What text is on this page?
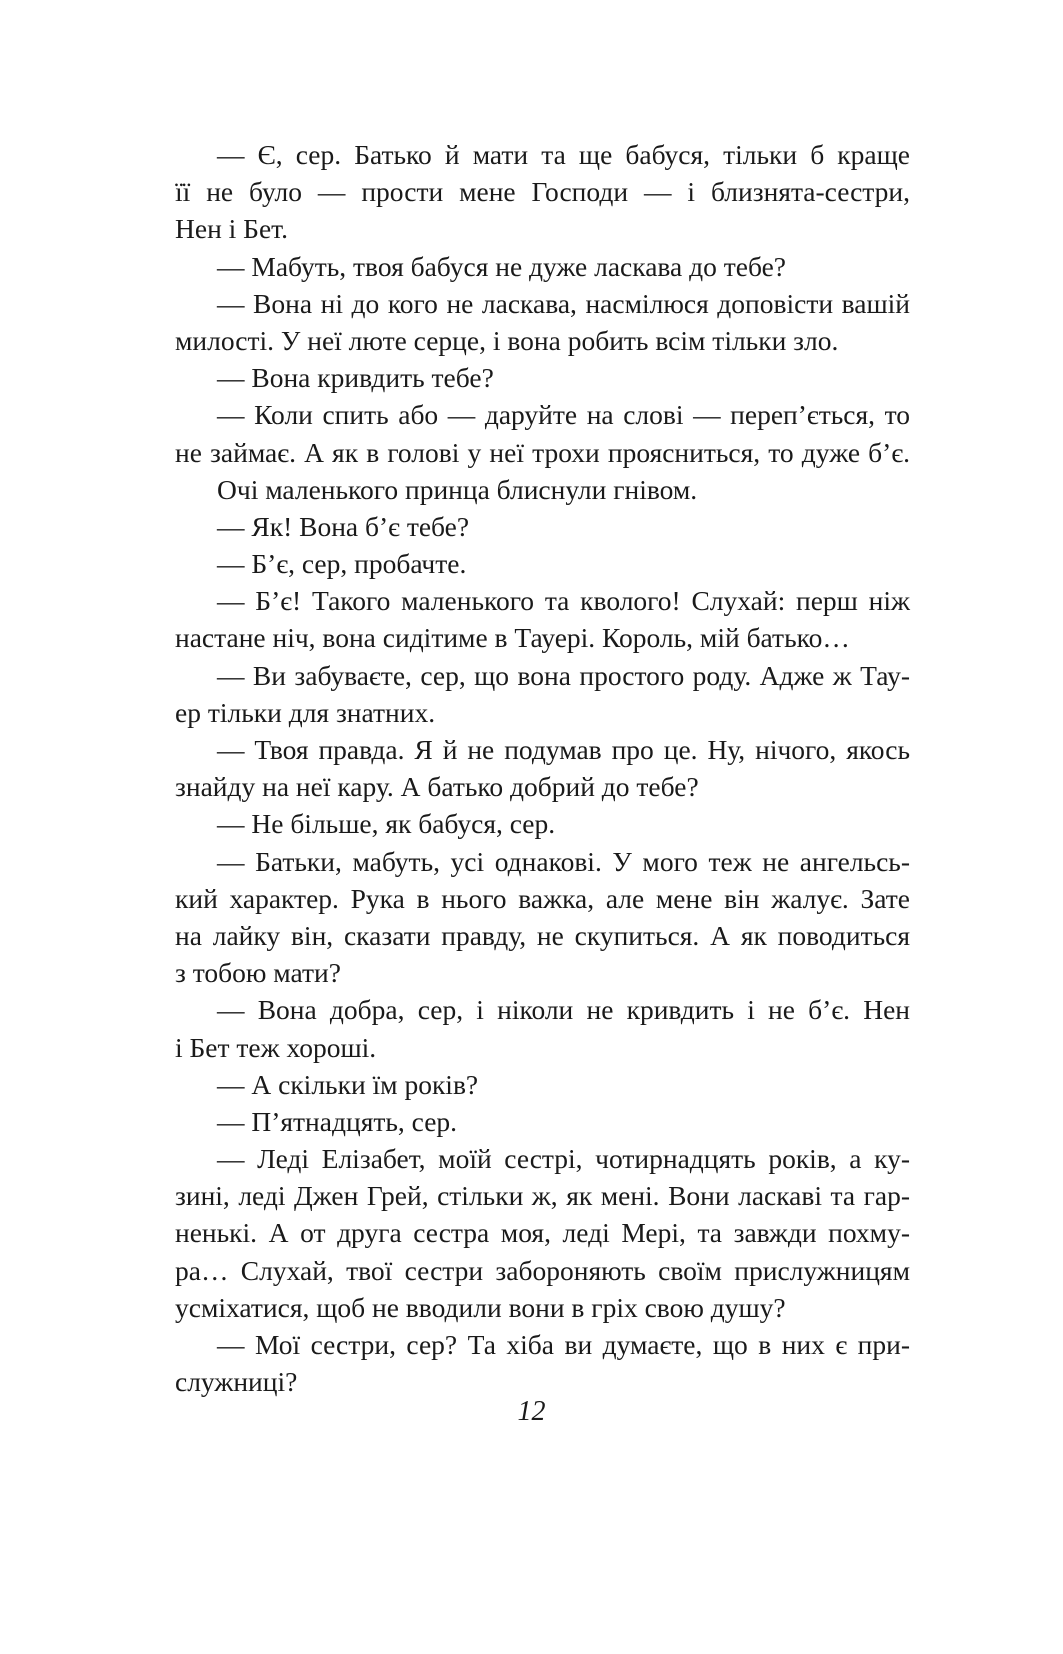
— Є, сер. Батько й мати та ще бабуся, тільки б краще
її не було — прости мене Господи — і близнята-сестри,
Нен і Бет.
— Мабуть, твоя бабуся не дуже ласкава до тебе?
— Вона ні до кого не ласкава, насмілюся доповісти вашій
милості. У неї люте серце, і вона робить всім тільки зло.
— Вона кривдить тебе?
— Коли спить або — даруйте на слові — переп’ється, то
не займає. А як в голові у неї трохи проясниться, то дуже б’є.
Очі маленького принца блиснули гнівом.
— Як! Вона б’є тебе?
— Б’є, сер, пробачте.
— Б’є! Такого маленького та кволого! Слухай: перш ніж
настане ніч, вона сидітиме в Тауері. Король, мій батько…
— Ви забуваєте, сер, що вона простого роду. Адже ж Тау-
ер тільки для знатних.
— Твоя правда. Я й не подумав про це. Ну, нічого, якось
знайду на неї кару. А батько добрий до тебе?
— Не більше, як бабуся, сер.
— Батьки, мабуть, усі однакові. У мого теж не ангельсь-
кий характер. Рука в нього важка, але мене він жалує. Зате
на лайку він, сказати правду, не скупиться. А як поводиться
з тобою мати?
— Вона добра, сер, і ніколи не кривдить і не б’є. Нен
і Бет теж хороші.
— А скільки їм років?
— П’ятнадцять, сер.
— Леді Елізабет, моїй сестрі, чотирнадцять років, а ку-
зині, леді Джен Грей, стільки ж, як мені. Вони ласкаві та гар-
ненькі. А от друга сестра моя, леді Мері, та завжди похму-
ра… Слухай, твої сестри забороняють своїм прислужницям
усміхатися, щоб не вводили вони в гріх свою душу?
— Мої сестри, сер? Та хіба ви думаєте, що в них є при-
служниці?
12
